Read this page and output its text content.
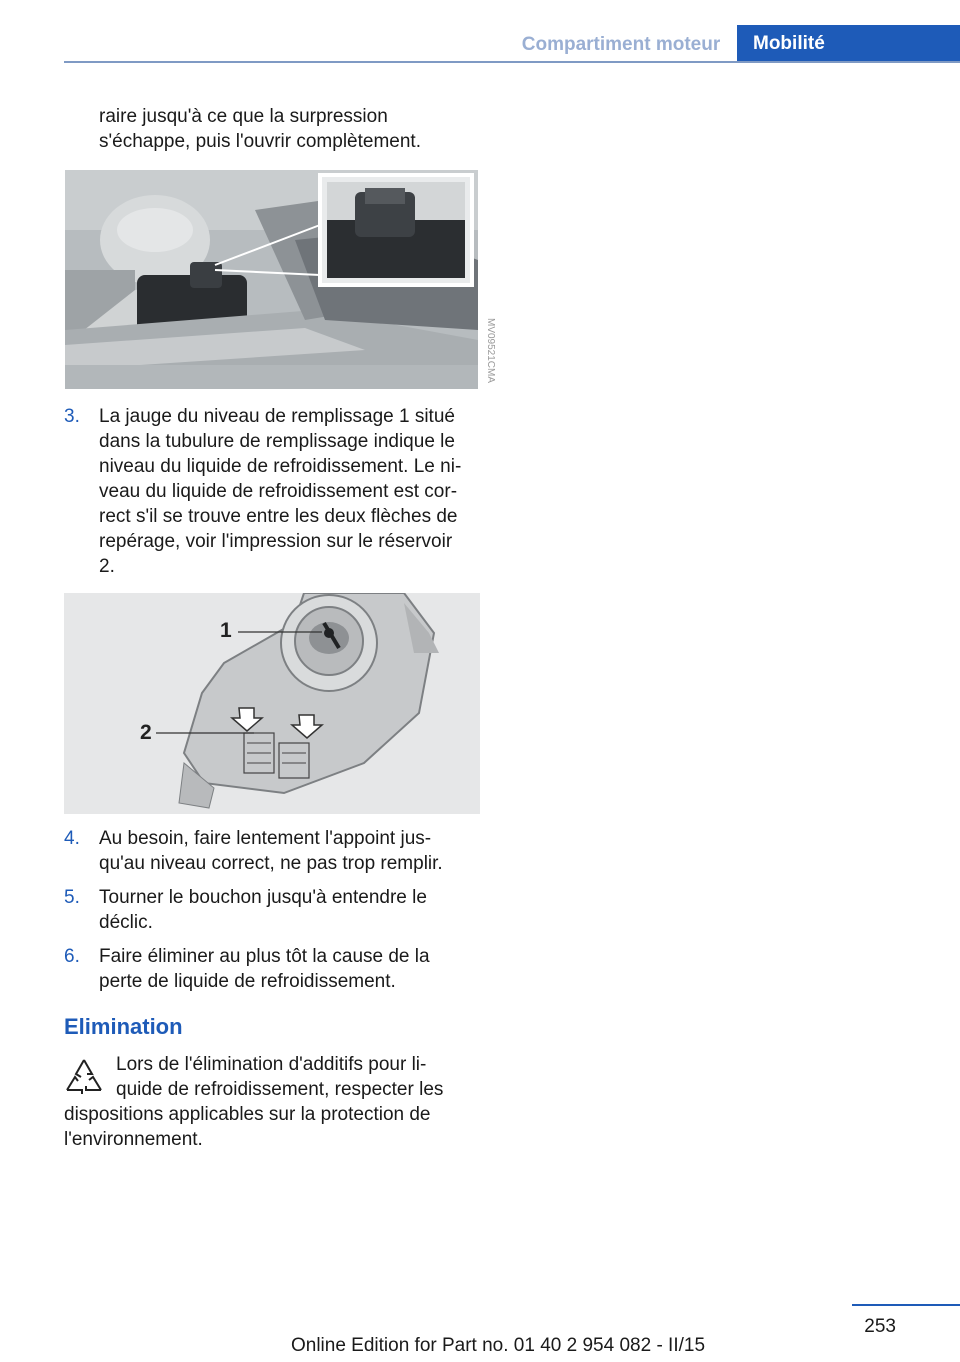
Compartiment moteur	Mobilité
raire jusqu'à ce que la surpression
s'échappe, puis l'ouvrir complètement.
MV09521CMA
3. La jauge du niveau de remplissage 1 situé
dans la tubulure de remplissage indique le
niveau du liquide de refroidissement. Le ni‐
veau du liquide de refroidissement est cor‐
rect s'il se trouve entre les deux flèches de
repérage, voir l'impression sur le réservoir
2.
1
2
4. Au besoin, faire lentement l'appoint jus‐
qu'au niveau correct, ne pas trop remplir.
5. Tourner le bouchon jusqu'à entendre le
déclic.
6. Faire éliminer au plus tôt la cause de la
perte de liquide de refroidissement.
Elimination
Lors de l'élimination d'additifs pour li‐
quide de refroidissement, respecter les
dispositions applicables sur la protection de
l'environnement.
253
Online Edition for Part no. 01 40 2 954 082 - II/15
